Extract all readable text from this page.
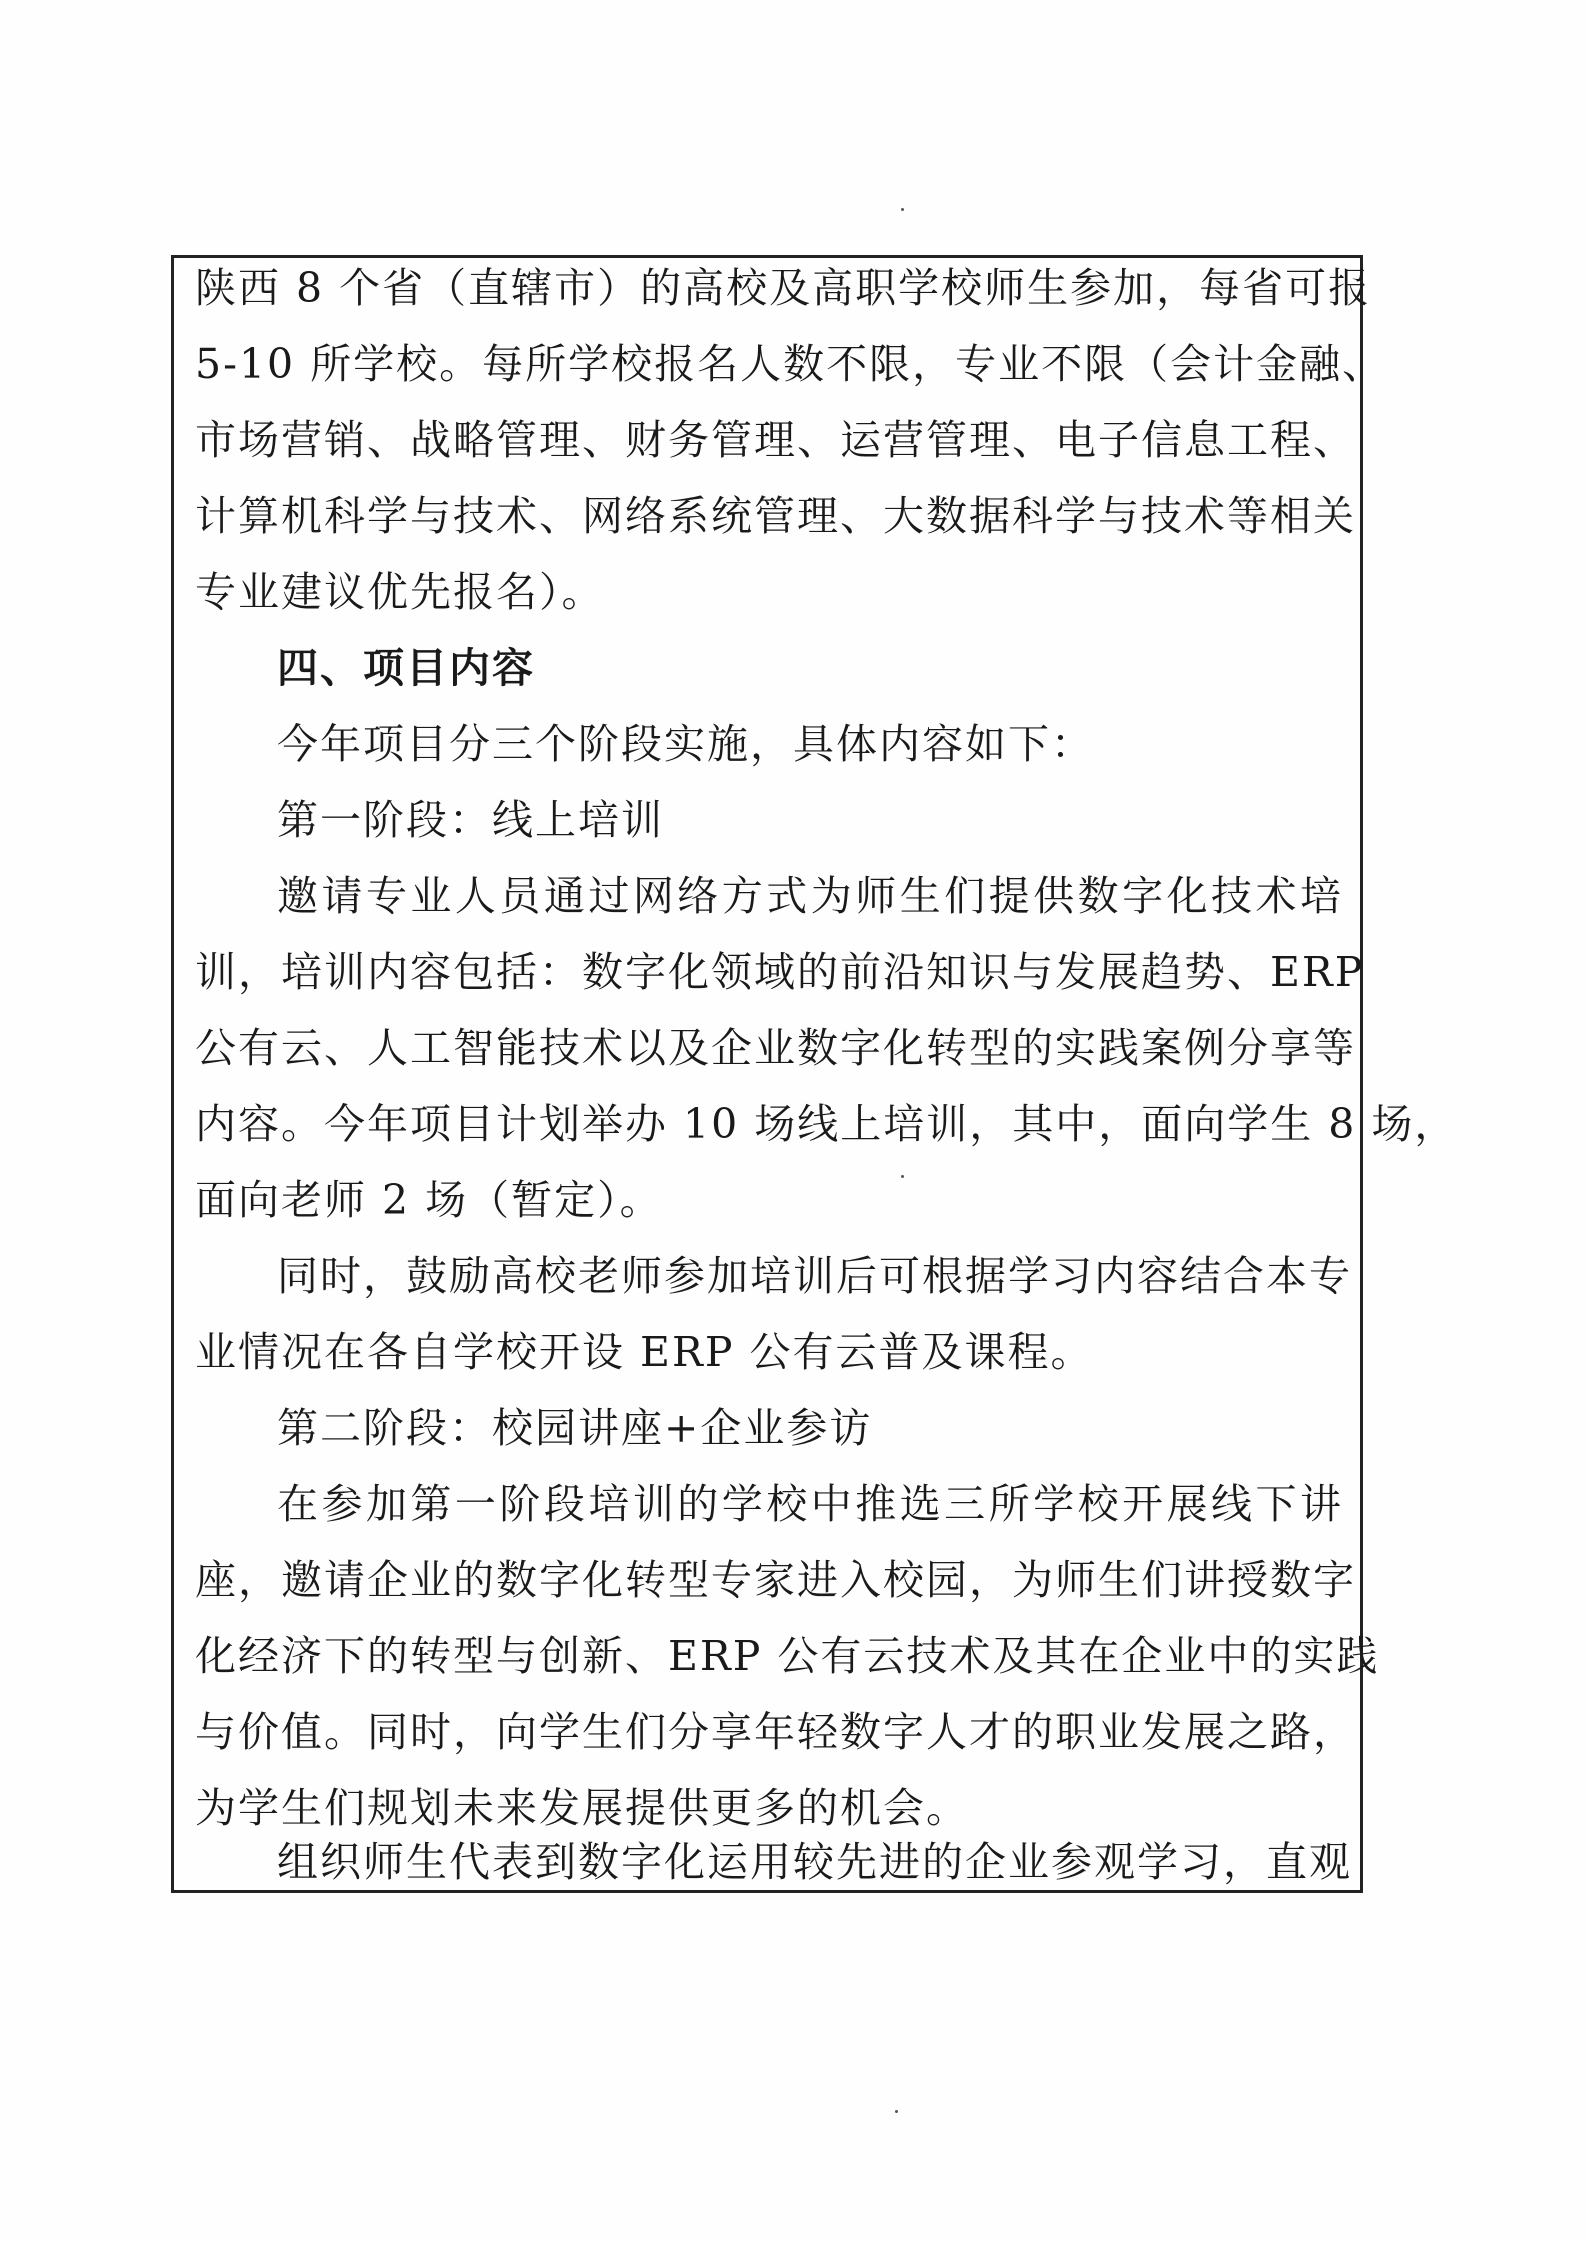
陕西 8 个省（直辖市）的高校及高职学校师生参加，每省可报
5-10 所学校。每所学校报名人数不限，专业不限（会计金融、
市场营销、战略管理、财务管理、运营管理、电子信息工程、
计算机科学与技术、网络系统管理、大数据科学与技术等相关
专业建议优先报名）。
四、项目内容
今年项目分三个阶段实施，具体内容如下：
第一阶段：线上培训
邀请专业人员通过网络方式为师生们提供数字化技术培
训，培训内容包括：数字化领域的前沿知识与发展趋势、ERP
公有云、人工智能技术以及企业数字化转型的实践案例分享等
内容。今年项目计划举办 10 场线上培训，其中，面向学生 8 场，
面向老师 2 场（暂定）。
同时，鼓励高校老师参加培训后可根据学习内容结合本专
业情况在各自学校开设 ERP 公有云普及课程。
第二阶段：校园讲座+企业参访
在参加第一阶段培训的学校中推选三所学校开展线下讲
座，邀请企业的数字化转型专家进入校园，为师生们讲授数字
化经济下的转型与创新、ERP 公有云技术及其在企业中的实践
与价值。同时，向学生们分享年轻数字人才的职业发展之路，
为学生们规划未来发展提供更多的机会。
组织师生代表到数字化运用较先进的企业参观学习，直观
